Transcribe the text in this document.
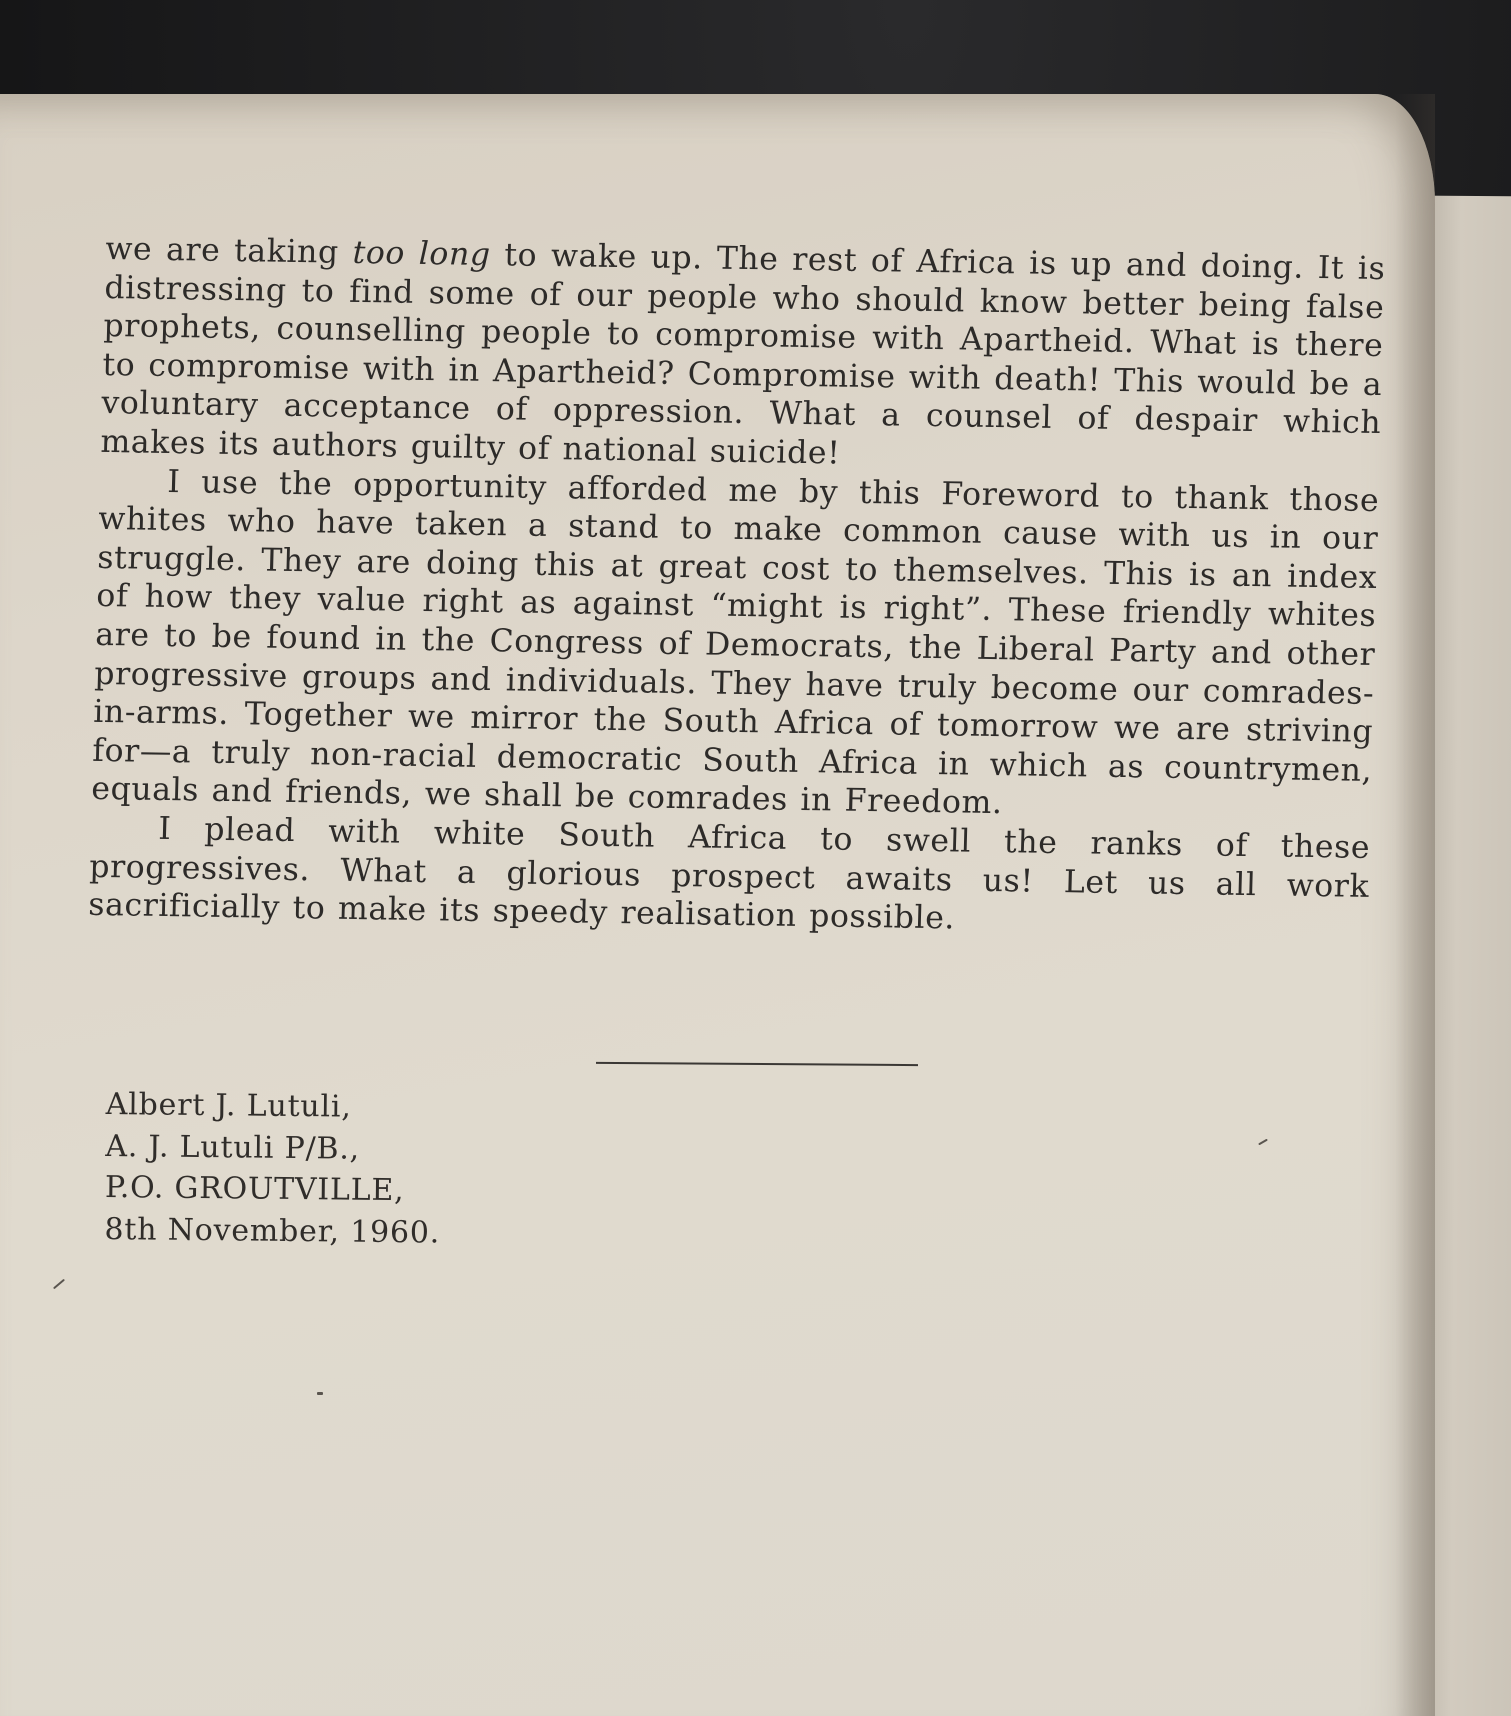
we are taking too long to wake up. The rest of Africa is up and doing. It is distressing to find some of our people who should know better being false prophets, counselling people to compromise with Apartheid. What is there to compromise with in Apartheid? Compromise with death! This would be a voluntary acceptance of oppression. What a counsel of despair which makes its authors guilty of national suicide!

I use the opportunity afforded me by this Foreword to thank those whites who have taken a stand to make common cause with us in our struggle. They are doing this at great cost to themselves. This is an index of how they value right as against “might is right”. These friendly whites are to be found in the Congress of Democrats, the Liberal Party and other progressive groups and individuals. They have truly become our comrades-in-arms. Together we mirror the South Africa of tomorrow we are striving for—a truly non-racial democratic South Africa in which as countrymen, equals and friends, we shall be comrades in Freedom.

I plead with white South Africa to swell the ranks of these progressives. What a glorious prospect awaits us! Let us all work sacrificially to make its speedy realisation possible.

Albert J. Lutuli,
A. J. Lutuli P/B.,
P.O. GROUTVILLE,
8th November, 1960.
